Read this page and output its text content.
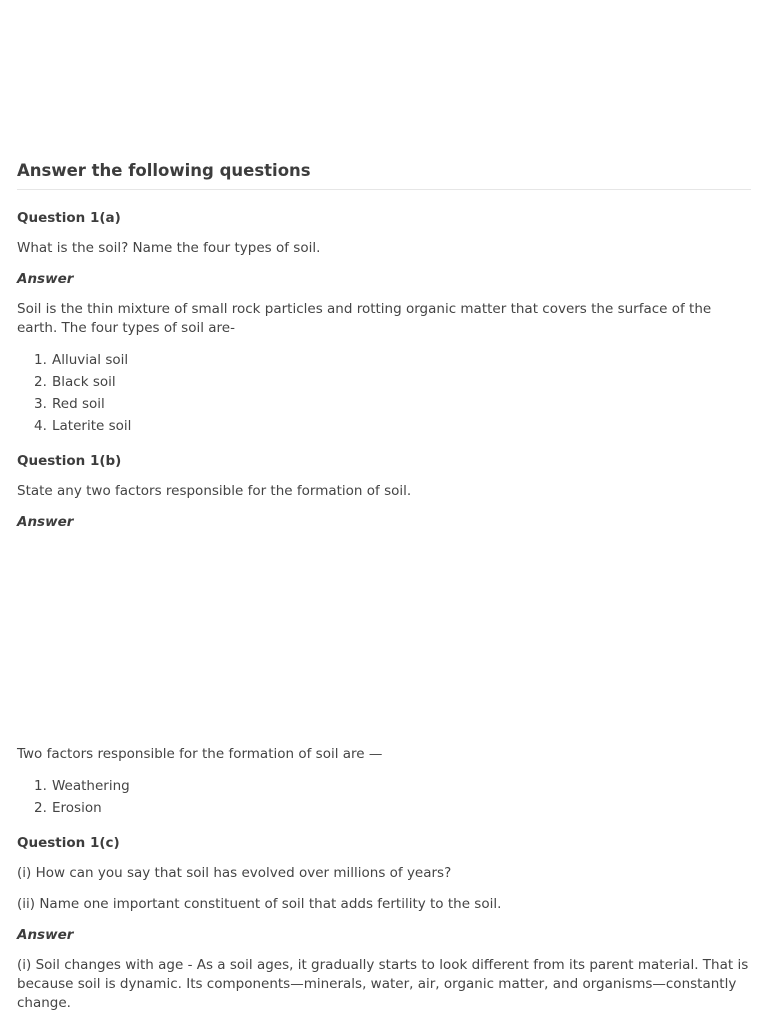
Answer the following questions

Question 1(a)

What is the soil? Name the four types of soil.

Answer

Soil is the thin mixture of small rock particles and rotting organic matter that covers the surface of the earth. The four types of soil are-

1. Alluvial soil
2. Black soil
3. Red soil
4. Laterite soil

Question 1(b)

State any two factors responsible for the formation of soil.

Answer

Two factors responsible for the formation of soil are —

1. Weathering
2. Erosion

Question 1(c)

(i) How can you say that soil has evolved over millions of years?

(ii) Name one important constituent of soil that adds fertility to the soil.

Answer

(i) Soil changes with age - As a soil ages, it gradually starts to look different from its parent material. That is because soil is dynamic. Its components—minerals, water, air, organic matter, and organisms—constantly change.
